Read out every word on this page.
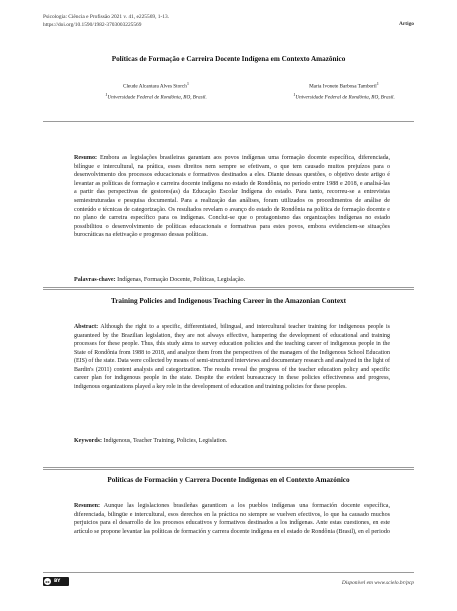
Psicologia: Ciência e Profissão 2021 v. 41, e225569, 1-13.
https://doi.org/10.1590/1982-3703003225569	Artigo
Políticas de Formação e Carreira Docente Indígena em Contexto Amazônico
Cleude Alcantara Alves Storch$^1$
$^1$Universidade Federal de Rondônia, RO, Brasil.
Maria Ivonete Barbosa Tamboril$^1$
$^1$Universidade Federal de Rondônia, RO, Brasil.
Resumo: Embora as legislações brasileiras garantam aos povos indígenas uma formação docente específica, diferenciada, bilíngue e intercultural, na prática, esses direitos nem sempre se efetivam, o que tem causado muitos prejuízos para o desenvolvimento dos processos educacionais e formativos destinados a eles. Diante dessas questões, o objetivo deste artigo é levantar as políticas de formação e carreira docente indígena no estado de Rondônia, no período entre 1988 e 2018, e analisá-las a partir das perspectivas de gestores(as) da Educação Escolar Indígena do estado. Para tanto, recorreu-se a entrevistas semiestruturadas e pesquisa documental. Para a realização das análises, foram utilizados os procedimentos de análise de conteúdo e técnicas de categorização. Os resultados revelam o avanço do estado de Rondônia na política de formação docente e no plano de carreira específico para os indígenas. Conclui-se que o protagonismo das organizações indígenas no estado possibilitou o desenvolvimento de políticas educacionais e formativas para estes povos, embora evidenciem-se situações burocráticas na efetivação e progresso dessas políticas.
Palavras-chave: Indígenas, Formação Docente, Políticas, Legislação.
Training Policies and Indigenous Teaching Career in the Amazonian Context
Abstract: Although the right to a specific, differentiated, bilingual, and intercultural teacher training for indigenous people is guaranteed by the Brazilian legislation, they are not always effective, hampering the development of educational and training processes for these people. Thus, this study aims to survey education policies and the teaching career of indigenous people in the State of Rondônia from 1988 to 2018, and analyze them from the perspectives of the managers of the Indigenous School Education (EIS) of the state. Data were collected by means of semi-structured interviews and documentary research and analyzed in the light of Bardin's (2011) content analysis and categorization. The results reveal the progress of the teacher education policy and specific career plan for indigenous people in the state. Despite the evident bureaucracy in these policies effectiveness and progress, indigenous organizations played a key role in the development of education and training policies for these peoples.
Keywords: Indigenous, Teacher Training, Policies, Legislation.
Políticas de Formación y Carrera Docente Indígenas en el Contexto Amazónico
Resumen: Aunque las legislaciones brasileñas garanticen a los pueblos indígenas una formación docente específica, diferenciada, bilingüe e intercultural, esos derechos en la práctica no siempre se vuelven efectivos, lo que ha causado muchos perjuicios para el desarrollo de los procesos educativos y formativos destinados a los indígenas. Ante estas cuestiones, en este artículo se propone levantar las políticas de formación y carrera docente indígena en el estado de Rondônia (Brasil), en el periodo
cc BY	Disponível em www.scielo.br/pcp
